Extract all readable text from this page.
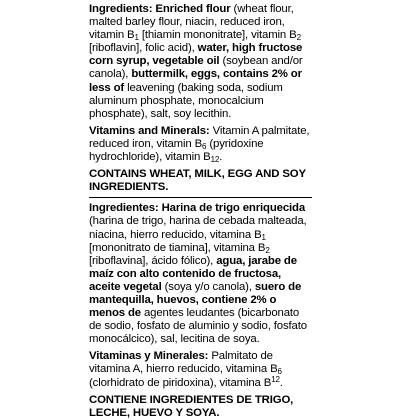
Ingredients: Enriched flour (wheat flour, malted barley flour, niacin, reduced iron, vitamin $B_1$ [thiamin mononitrate], vitamin $B_2$ [riboflavin], folic acid), water, high fructose corn syrup, vegetable oil (soybean and/or canola), buttermilk, eggs, contains 2% or less of leavening (baking soda, sodium aluminum phosphate, monocalcium phosphate), salt, soy lecithin.

Vitamins and Minerals: Vitamin A palmitate, reduced iron, vitamin $B_6$ (pyridoxine hydrochloride), vitamin $B_{12}$.

CONTAINS WHEAT, MILK, EGG AND SOY INGREDIENTS.

Ingredientes: Harina de trigo enriquecida (harina de trigo, harina de cebada malteada, niacina, hierro reducido, vitamina $B_1$ [mononitrato de tiamina], vitamina $B_2$ [riboflavina], ácido fólico), agua, jarabe de maíz con alto contenido de fructosa, aceite vegetal (soya y/o canola), suero de mantequilla, huevos, contiene 2% o menos de agentes leudantes (bicarbonato de sodio, fosfato de aluminio y sodio, fosfato monocálcico), sal, lecitina de soya.

Vitaminas y Minerales: Palmitato de vitamina A, hierro reducido, vitamina $B_6$ (clorhidrato de piridoxina), vitamina $B^{12}$.

CONTIENE INGREDIENTES DE TRIGO, LECHE, HUEVO Y SOYA.
